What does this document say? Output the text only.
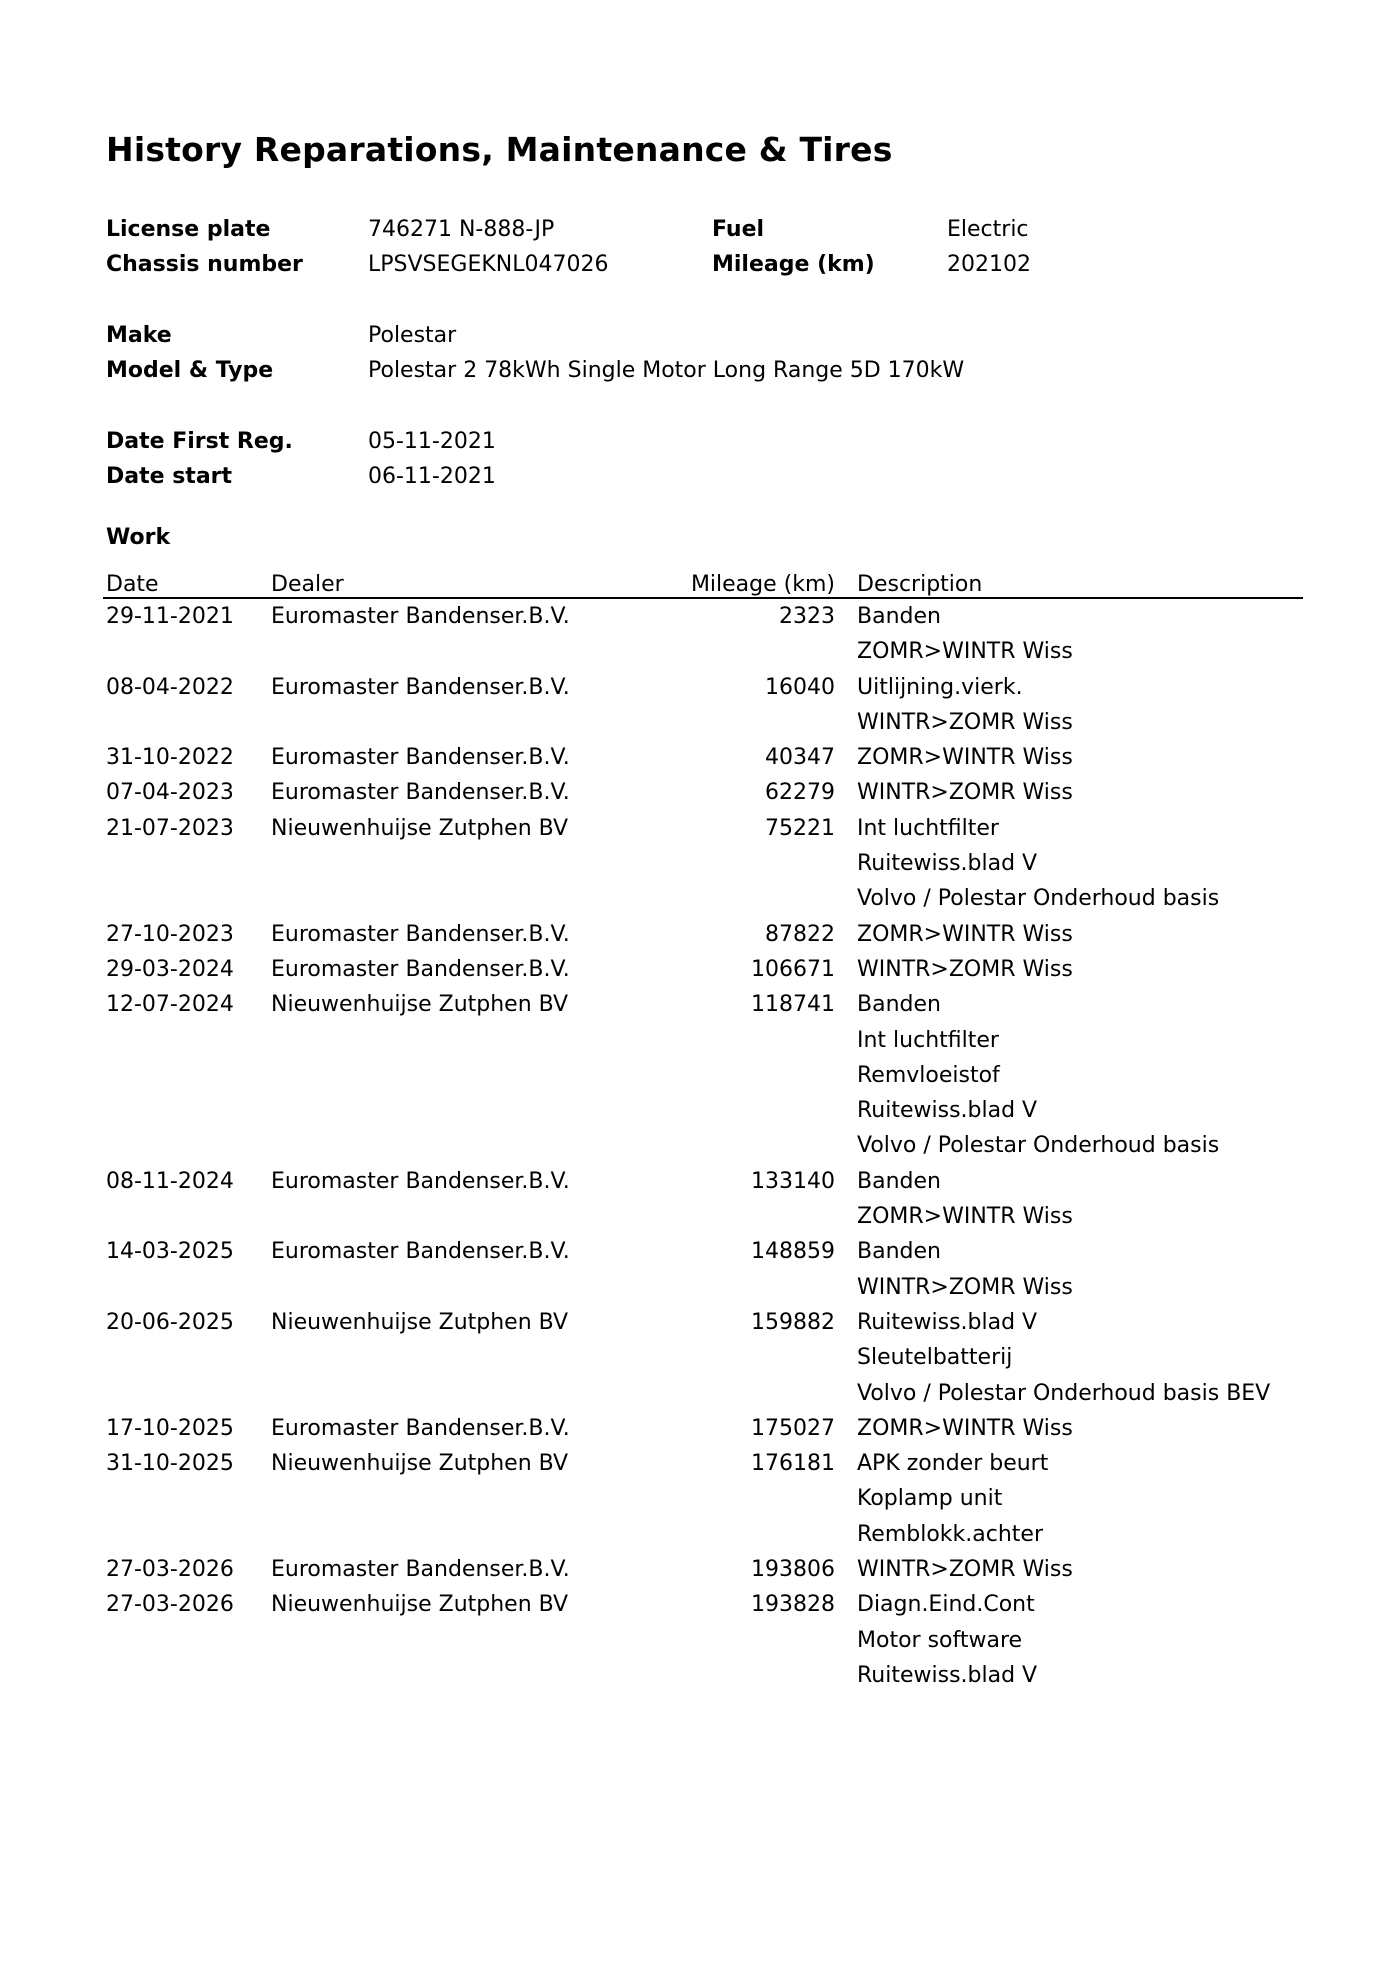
History Reparations, Maintenance & Tires
License plate	746271 N-888-JP	Fuel	Electric
Chassis number	LPSVSEGEKNL047026	Mileage (km)	202102
Make	Polestar
Model & Type	Polestar 2 78kWh Single Motor Long Range 5D 170kW
Date First Reg.	05-11-2021
Date start	06-11-2021
Work
Date	Dealer	Mileage (km)	Description
29-11-2021	Euromaster Bandenser.B.V.	2323	Banden
			ZOMR>WINTR Wiss
08-04-2022	Euromaster Bandenser.B.V.	16040	Uitlijning.vierk.
			WINTR>ZOMR Wiss
31-10-2022	Euromaster Bandenser.B.V.	40347	ZOMR>WINTR Wiss
07-04-2023	Euromaster Bandenser.B.V.	62279	WINTR>ZOMR Wiss
21-07-2023	Nieuwenhuijse Zutphen BV	75221	Int luchtfilter
			Ruitewiss.blad V
			Volvo / Polestar Onderhoud basis
27-10-2023	Euromaster Bandenser.B.V.	87822	ZOMR>WINTR Wiss
29-03-2024	Euromaster Bandenser.B.V.	106671	WINTR>ZOMR Wiss
12-07-2024	Nieuwenhuijse Zutphen BV	118741	Banden
			Int luchtfilter
			Remvloeistof
			Ruitewiss.blad V
			Volvo / Polestar Onderhoud basis
08-11-2024	Euromaster Bandenser.B.V.	133140	Banden
			ZOMR>WINTR Wiss
14-03-2025	Euromaster Bandenser.B.V.	148859	Banden
			WINTR>ZOMR Wiss
20-06-2025	Nieuwenhuijse Zutphen BV	159882	Ruitewiss.blad V
			Sleutelbatterij
			Volvo / Polestar Onderhoud basis BEV
17-10-2025	Euromaster Bandenser.B.V.	175027	ZOMR>WINTR Wiss
31-10-2025	Nieuwenhuijse Zutphen BV	176181	APK zonder beurt
			Koplamp unit
			Remblokk.achter
27-03-2026	Euromaster Bandenser.B.V.	193806	WINTR>ZOMR Wiss
27-03-2026	Nieuwenhuijse Zutphen BV	193828	Diagn.Eind.Cont
			Motor software
			Ruitewiss.blad V
